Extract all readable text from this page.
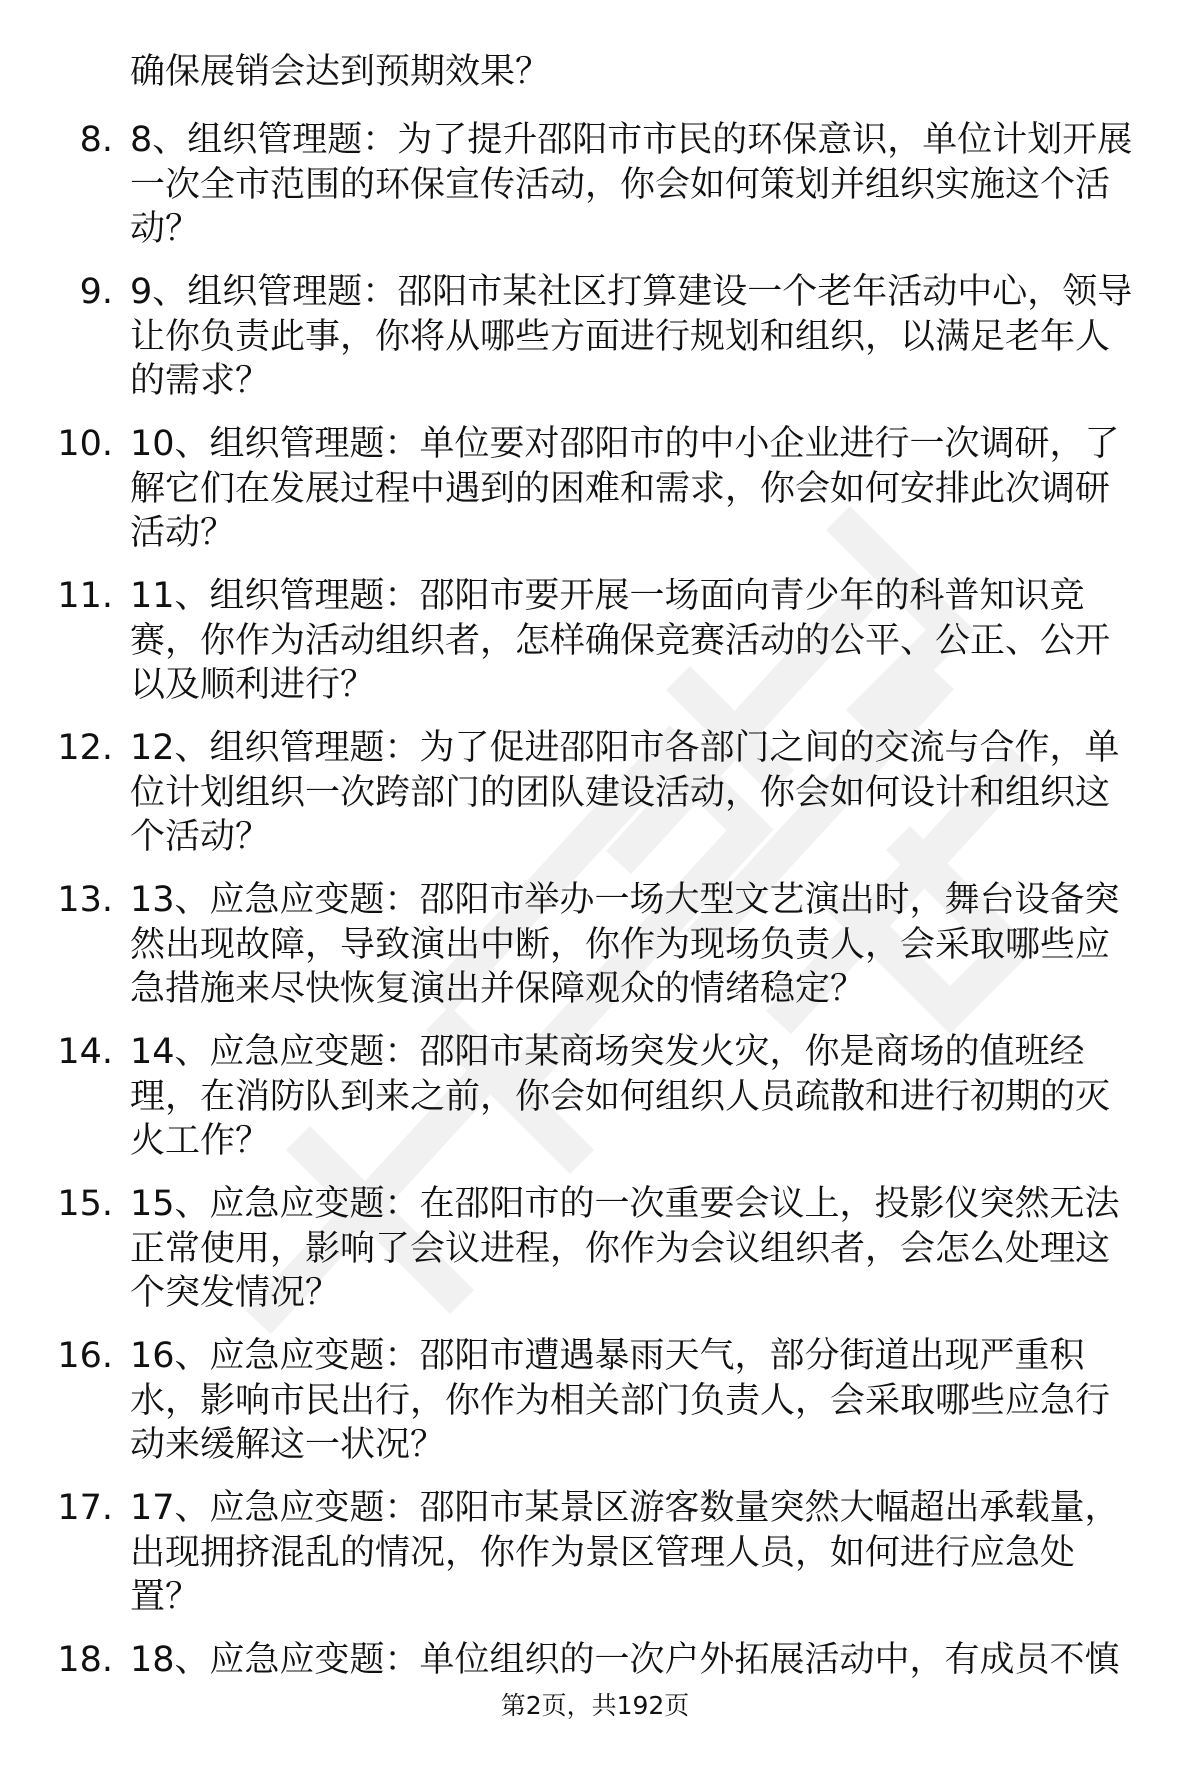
确保展销会达到预期效果？
8. 8、组织管理题：为了提升邵阳市市民的环保意识，单位计划开展
一次全市范围的环保宣传活动，你会如何策划并组织实施这个活
动？
9. 9、组织管理题：邵阳市某社区打算建设一个老年活动中心，领导
让你负责此事，你将从哪些方面进行规划和组织，以满足老年人
的需求？
10. 10、组织管理题：单位要对邵阳市的中小企业进行一次调研，了
解它们在发展过程中遇到的困难和需求，你会如何安排此次调研
活动？
11. 11、组织管理题：邵阳市要开展一场面向青少年的科普知识竞
赛，你作为活动组织者，怎样确保竞赛活动的公平、公正、公开
以及顺利进行？
12. 12、组织管理题：为了促进邵阳市各部门之间的交流与合作，单
位计划组织一次跨部门的团队建设活动，你会如何设计和组织这
个活动？
13. 13、应急应变题：邵阳市举办一场大型文艺演出时，舞台设备突
然出现故障，导致演出中断，你作为现场负责人，会采取哪些应
急措施来尽快恢复演出并保障观众的情绪稳定？
14. 14、应急应变题：邵阳市某商场突发火灾，你是商场的值班经
理，在消防队到来之前，你会如何组织人员疏散和进行初期的灭
火工作？
15. 15、应急应变题：在邵阳市的一次重要会议上，投影仪突然无法
正常使用，影响了会议进程，你作为会议组织者，会怎么处理这
个突发情况？
16. 16、应急应变题：邵阳市遭遇暴雨天气，部分街道出现严重积
水，影响市民出行，你作为相关部门负责人，会采取哪些应急行
动来缓解这一状况？
17. 17、应急应变题：邵阳市某景区游客数量突然大幅超出承载量，
出现拥挤混乱的情况，你作为景区管理人员，如何进行应急处
置？
18. 18、应急应变题：单位组织的一次户外拓展活动中，有成员不慎
第2页，共192页
